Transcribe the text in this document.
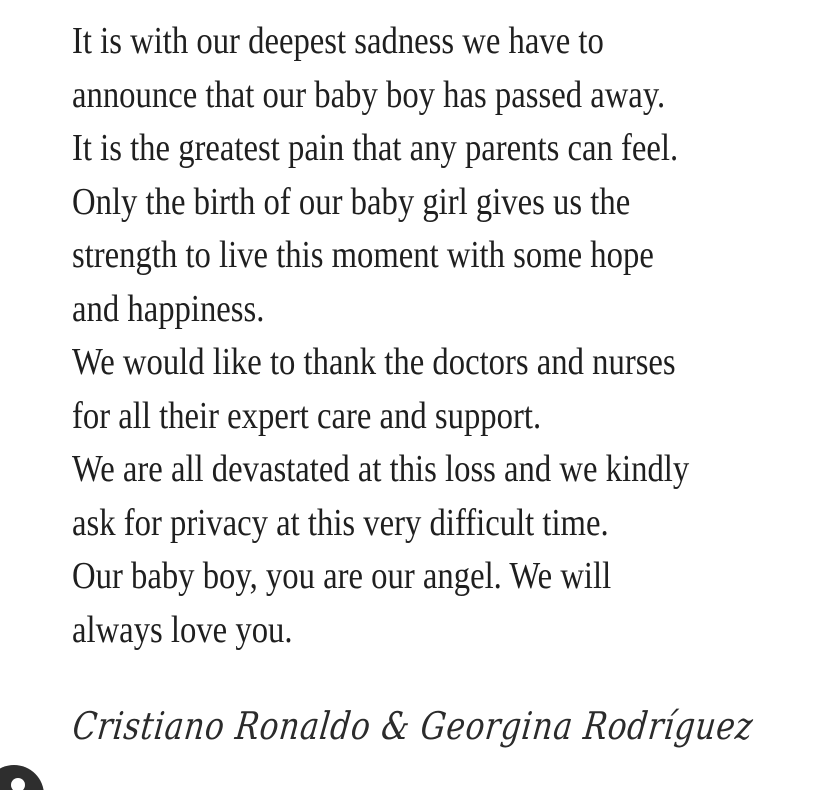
It is with our deepest sadness we have to
announce that our baby boy has passed away.
It is the greatest pain that any parents can feel.
Only the birth of our baby girl gives us the
strength to live this moment with some hope
and happiness.
We would like to thank the doctors and nurses
for all their expert care and support.
We are all devastated at this loss and we kindly
ask for privacy at this very difficult time.
Our baby boy, you are our angel. We will
always love you.
Cristiano Ronaldo & Georgina Rodríguez
